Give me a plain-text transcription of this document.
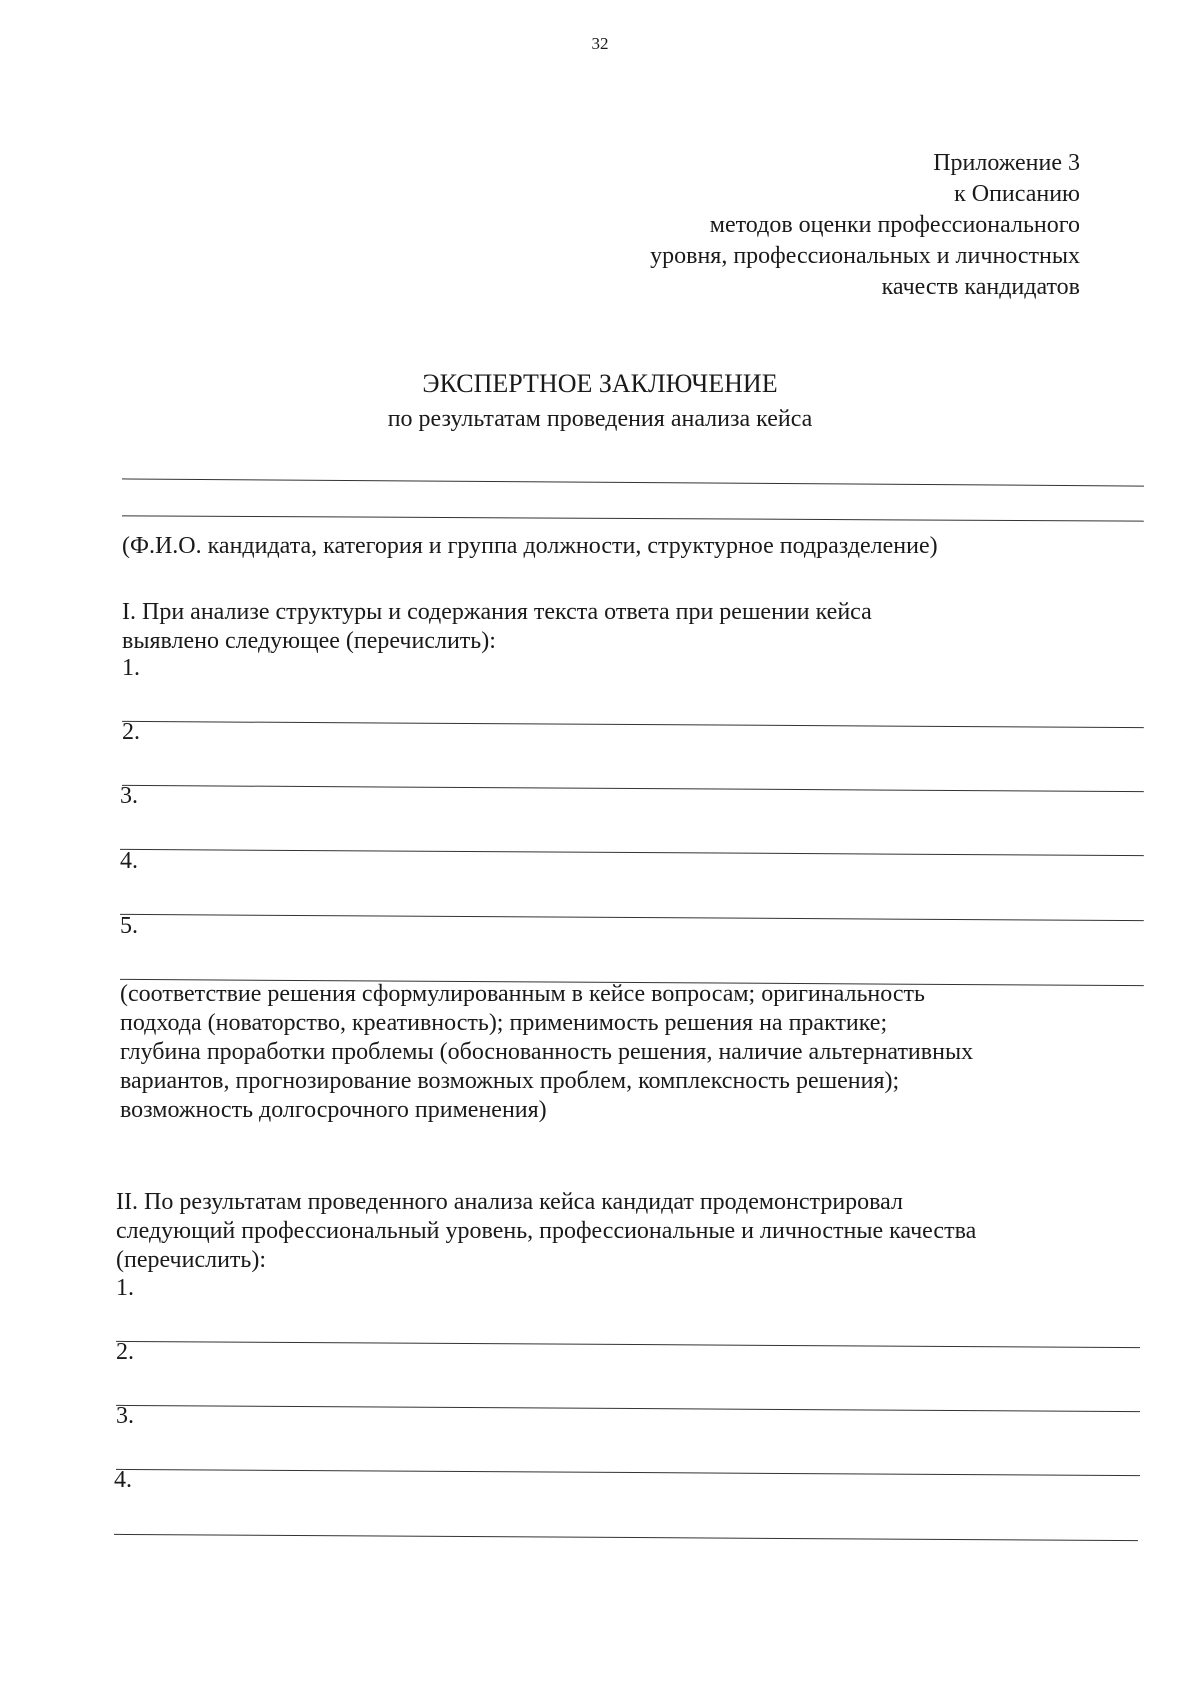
32
Приложение 3
к Описанию
методов оценки профессионального
уровня, профессиональных и личностных
качеств кандидатов
ЭКСПЕРТНОЕ ЗАКЛЮЧЕНИЕ
по результатам проведения анализа кейса
(Ф.И.О. кандидата, категория и группа должности, структурное подразделение)
I. При анализе структуры и содержания текста ответа при решении кейса
выявлено следующее (перечислить):
1.
2.
3.
4.
5.
(соответствие решения сформулированным в кейсе вопросам; оригинальность
подхода (новаторство, креативность); применимость решения на практике;
глубина проработки проблемы (обоснованность решения, наличие альтернативных
вариантов, прогнозирование возможных проблем, комплексность решения);
возможность долгосрочного применения)
II. По результатам проведенного анализа кейса кандидат продемонстрировал
следующий профессиональный уровень, профессиональные и личностные качества
(перечислить):
1.
2.
3.
4.
